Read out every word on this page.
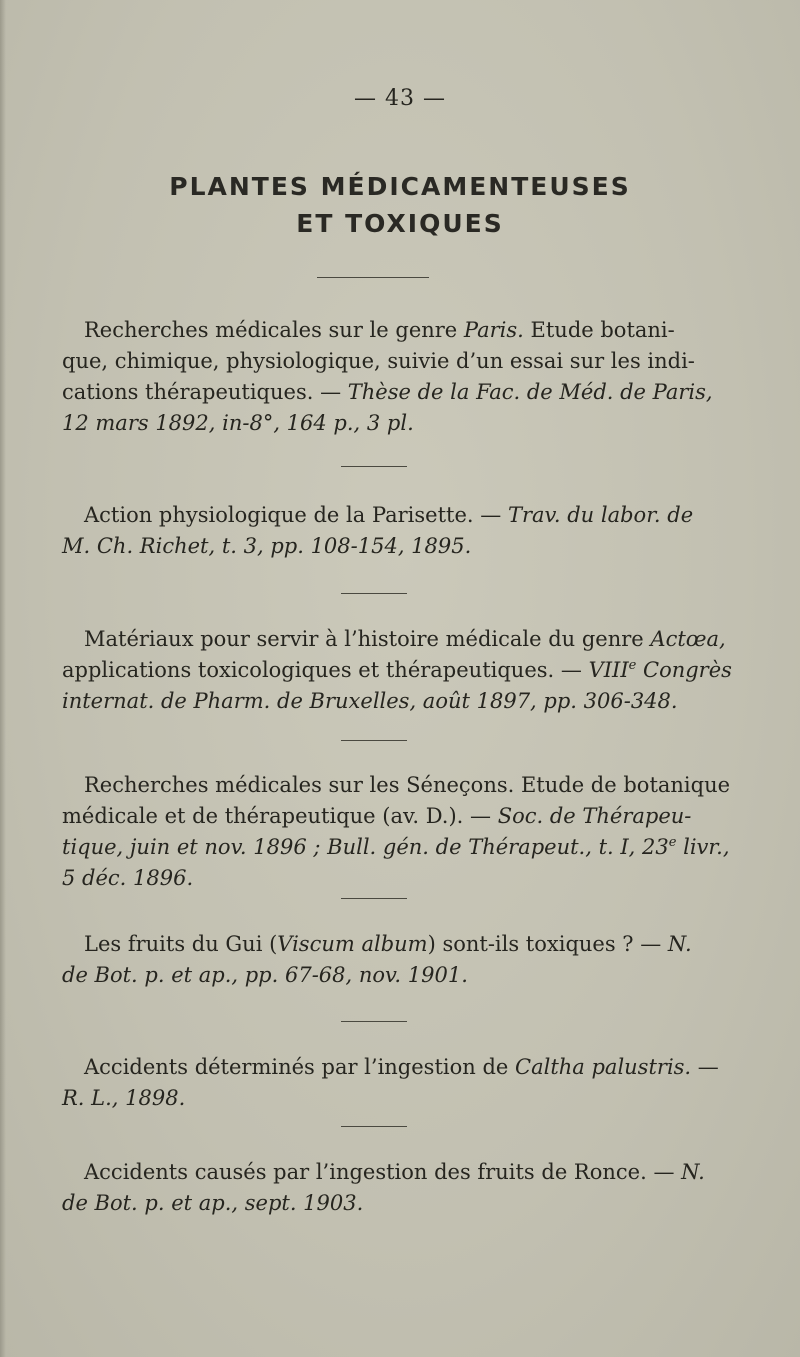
— 43 —
PLANTES MÉDICAMENTEUSES
ET TOXIQUES
Recherches médicales sur le genre Paris. Etude botani-
que, chimique, physiologique, suivie d’un essai sur les indi-
cations thérapeutiques. — Thèse de la Fac. de Méd. de Paris,
12 mars 1892, in-8°, 164 p., 3 pl.
Action physiologique de la Parisette. — Trav. du labor. de
M. Ch. Richet, t. 3, pp. 108-154, 1895.
Matériaux pour servir à l’histoire médicale du genre Actœa,
applications toxicologiques et thérapeutiques. — VIIIe Congrès
internat. de Pharm. de Bruxelles, août 1897, pp. 306-348.
Recherches médicales sur les Séneçons. Etude de botanique
médicale et de thérapeutique (av. D.). — Soc. de Thérapeu-
tique, juin et nov. 1896 ; Bull. gén. de Thérapeut., t. I, 23e livr.,
5 déc. 1896.
Les fruits du Gui (Viscum album) sont-ils toxiques ? — N.
de Bot. p. et ap., pp. 67-68, nov. 1901.
Accidents déterminés par l’ingestion de Caltha palustris. —
R. L., 1898.
Accidents causés par l’ingestion des fruits de Ronce. — N.
de Bot. p. et ap., sept. 1903.
